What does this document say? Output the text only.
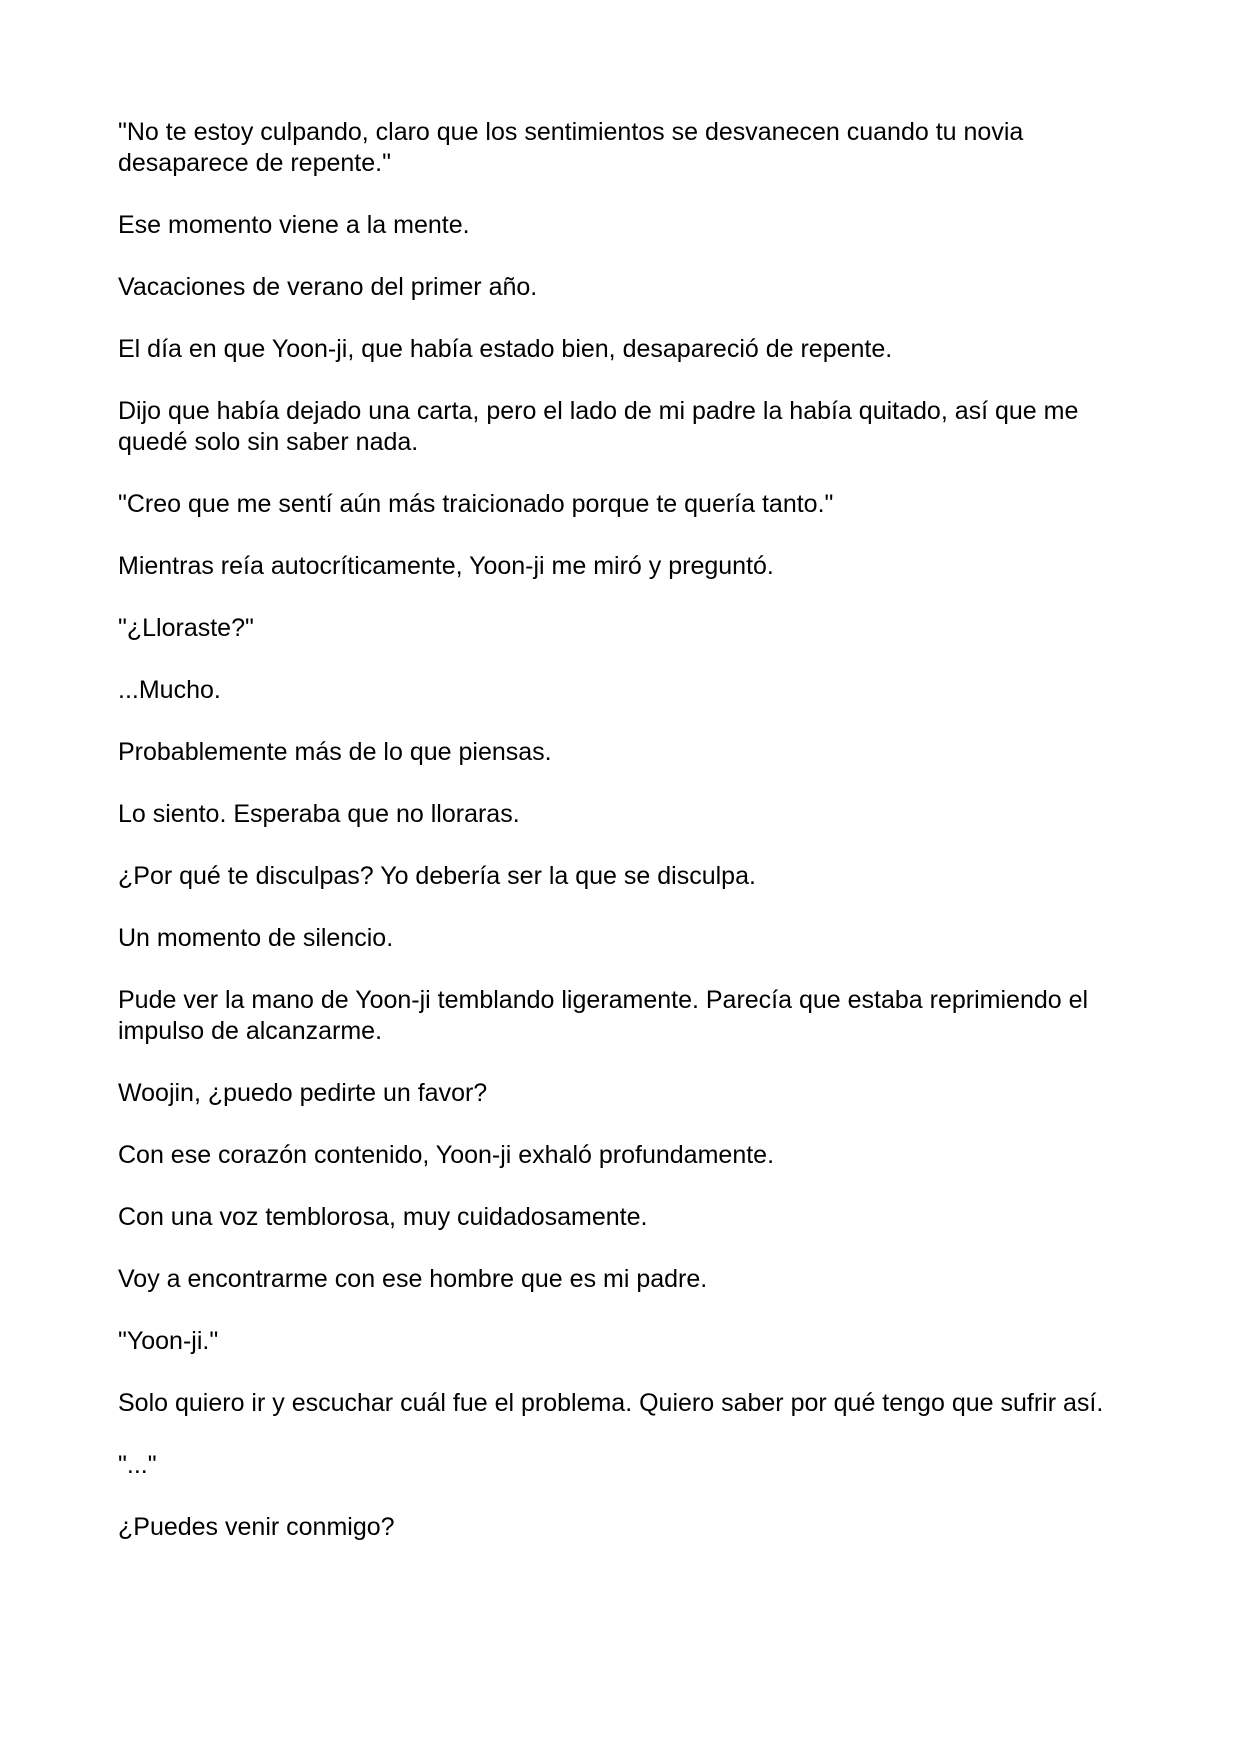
"No te estoy culpando, claro que los sentimientos se desvanecen cuando tu novia desaparece de repente."

Ese momento viene a la mente.

Vacaciones de verano del primer año.

El día en que Yoon-ji, que había estado bien, desapareció de repente.

Dijo que había dejado una carta, pero el lado de mi padre la había quitado, así que me quedé solo sin saber nada.

"Creo que me sentí aún más traicionado porque te quería tanto."

Mientras reía autocríticamente, Yoon-ji me miró y preguntó.

"¿Lloraste?"

...Mucho.

Probablemente más de lo que piensas.

Lo siento. Esperaba que no lloraras.

¿Por qué te disculpas? Yo debería ser la que se disculpa.

Un momento de silencio.

Pude ver la mano de Yoon-ji temblando ligeramente. Parecía que estaba reprimiendo el impulso de alcanzarme.

Woojin, ¿puedo pedirte un favor?

Con ese corazón contenido, Yoon-ji exhaló profundamente.

Con una voz temblorosa, muy cuidadosamente.

Voy a encontrarme con ese hombre que es mi padre.

"Yoon-ji."

Solo quiero ir y escuchar cuál fue el problema. Quiero saber por qué tengo que sufrir así.

"..."

¿Puedes venir conmigo?
